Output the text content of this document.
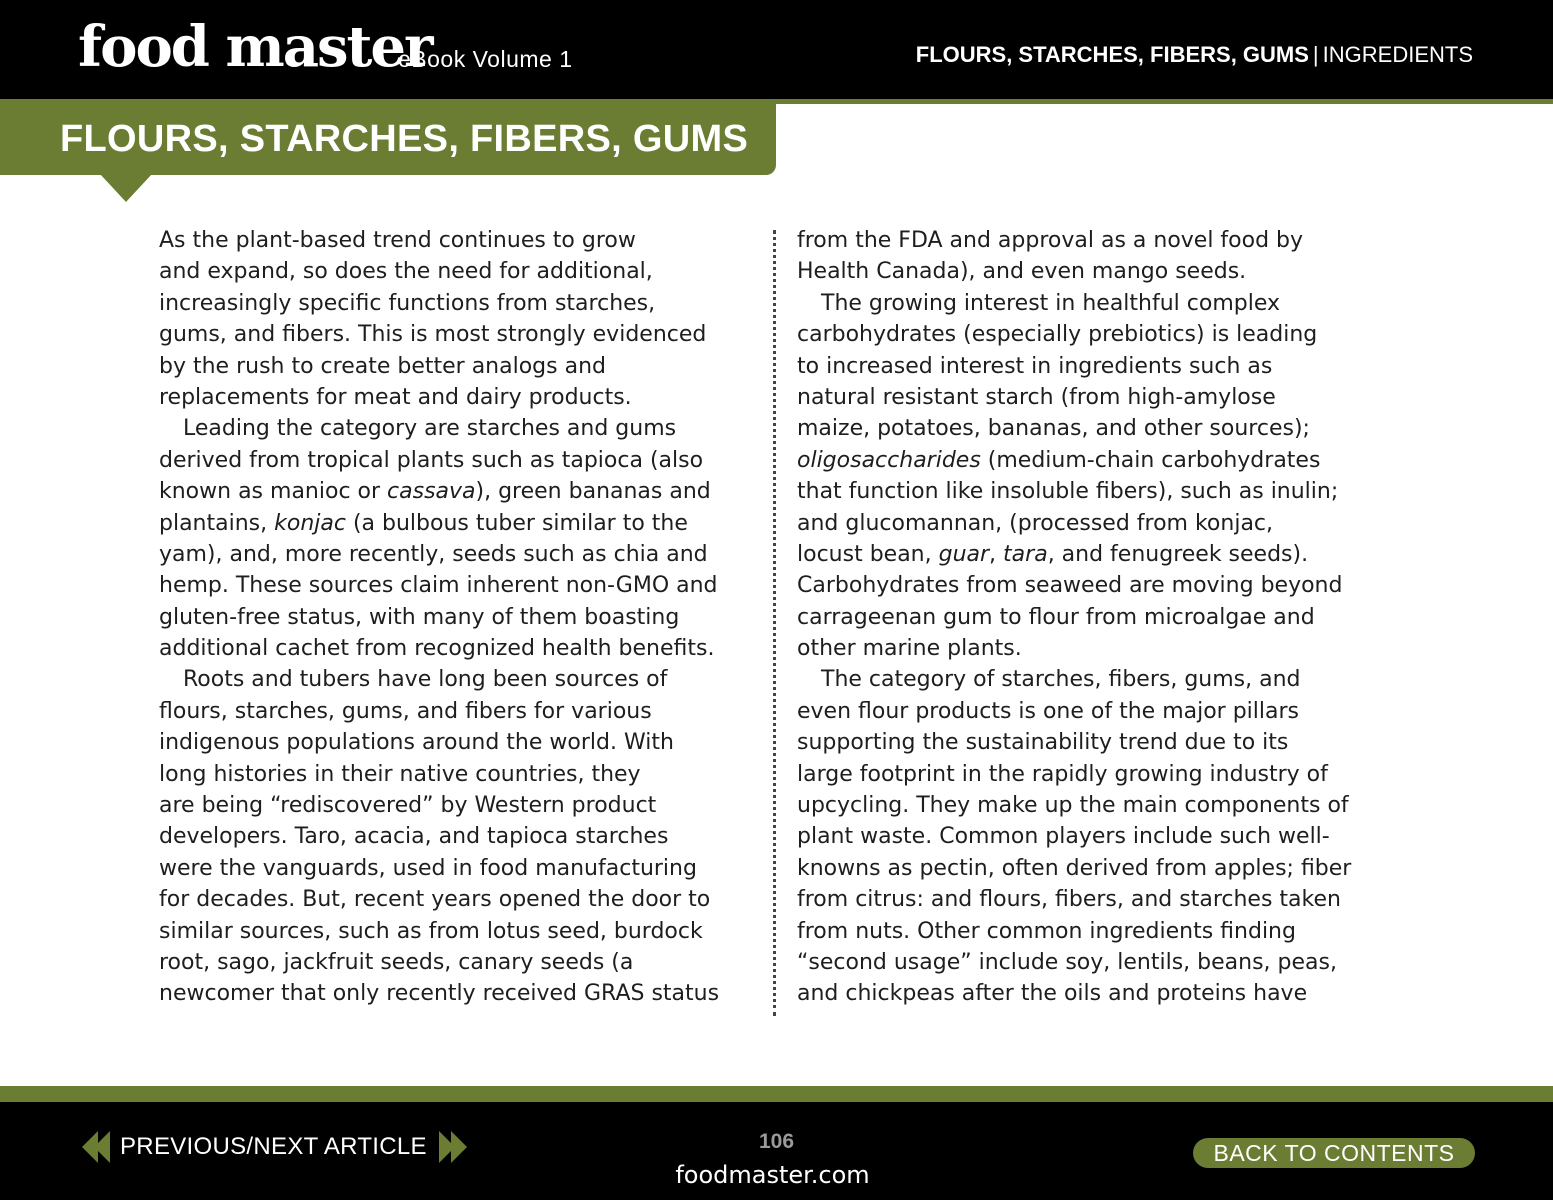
food master
eBook Volume 1	FLOURS, STARCHES, FIBERS, GUMS | INGREDIENTS
FLOURS, STARCHES, FIBERS, GUMS
As the plant-based trend continues to grow
and expand, so does the need for additional,
increasingly specific functions from starches,
gums, and fibers. This is most strongly evidenced
by the rush to create better analogs and
replacements for meat and dairy products.
Leading the category are starches and gums
derived from tropical plants such as tapioca (also
known as manioc or cassava), green bananas and
plantains, konjac (a bulbous tuber similar to the
yam), and, more recently, seeds such as chia and
hemp. These sources claim inherent non-GMO and
gluten-free status, with many of them boasting
additional cachet from recognized health benefits.
Roots and tubers have long been sources of
flours, starches, gums, and fibers for various
indigenous populations around the world. With
long histories in their native countries, they
are being “rediscovered” by Western product
developers. Taro, acacia, and tapioca starches
were the vanguards, used in food manufacturing
for decades. But, recent years opened the door to
similar sources, such as from lotus seed, burdock
root, sago, jackfruit seeds, canary seeds (a
newcomer that only recently received GRAS status
from the FDA and approval as a novel food by
Health Canada), and even mango seeds.
The growing interest in healthful complex
carbohydrates (especially prebiotics) is leading
to increased interest in ingredients such as
natural resistant starch (from high-amylose
maize, potatoes, bananas, and other sources);
oligosaccharides (medium-chain carbohydrates
that function like insoluble fibers), such as inulin;
and glucomannan, (processed from konjac,
locust bean, guar, tara, and fenugreek seeds).
Carbohydrates from seaweed are moving beyond
carrageenan gum to flour from microalgae and
other marine plants.
The category of starches, fibers, gums, and
even flour products is one of the major pillars
supporting the sustainability trend due to its
large footprint in the rapidly growing industry of
upcycling. They make up the main components of
plant waste. Common players include such well-
knowns as pectin, often derived from apples; fiber
from citrus: and flours, fibers, and starches taken
from nuts. Other common ingredients finding
“second usage” include soy, lentils, beans, peas,
and chickpeas after the oils and proteins have
PREVIOUS/NEXT ARTICLE	106
foodmaster.com
BACK TO CONTENTS
